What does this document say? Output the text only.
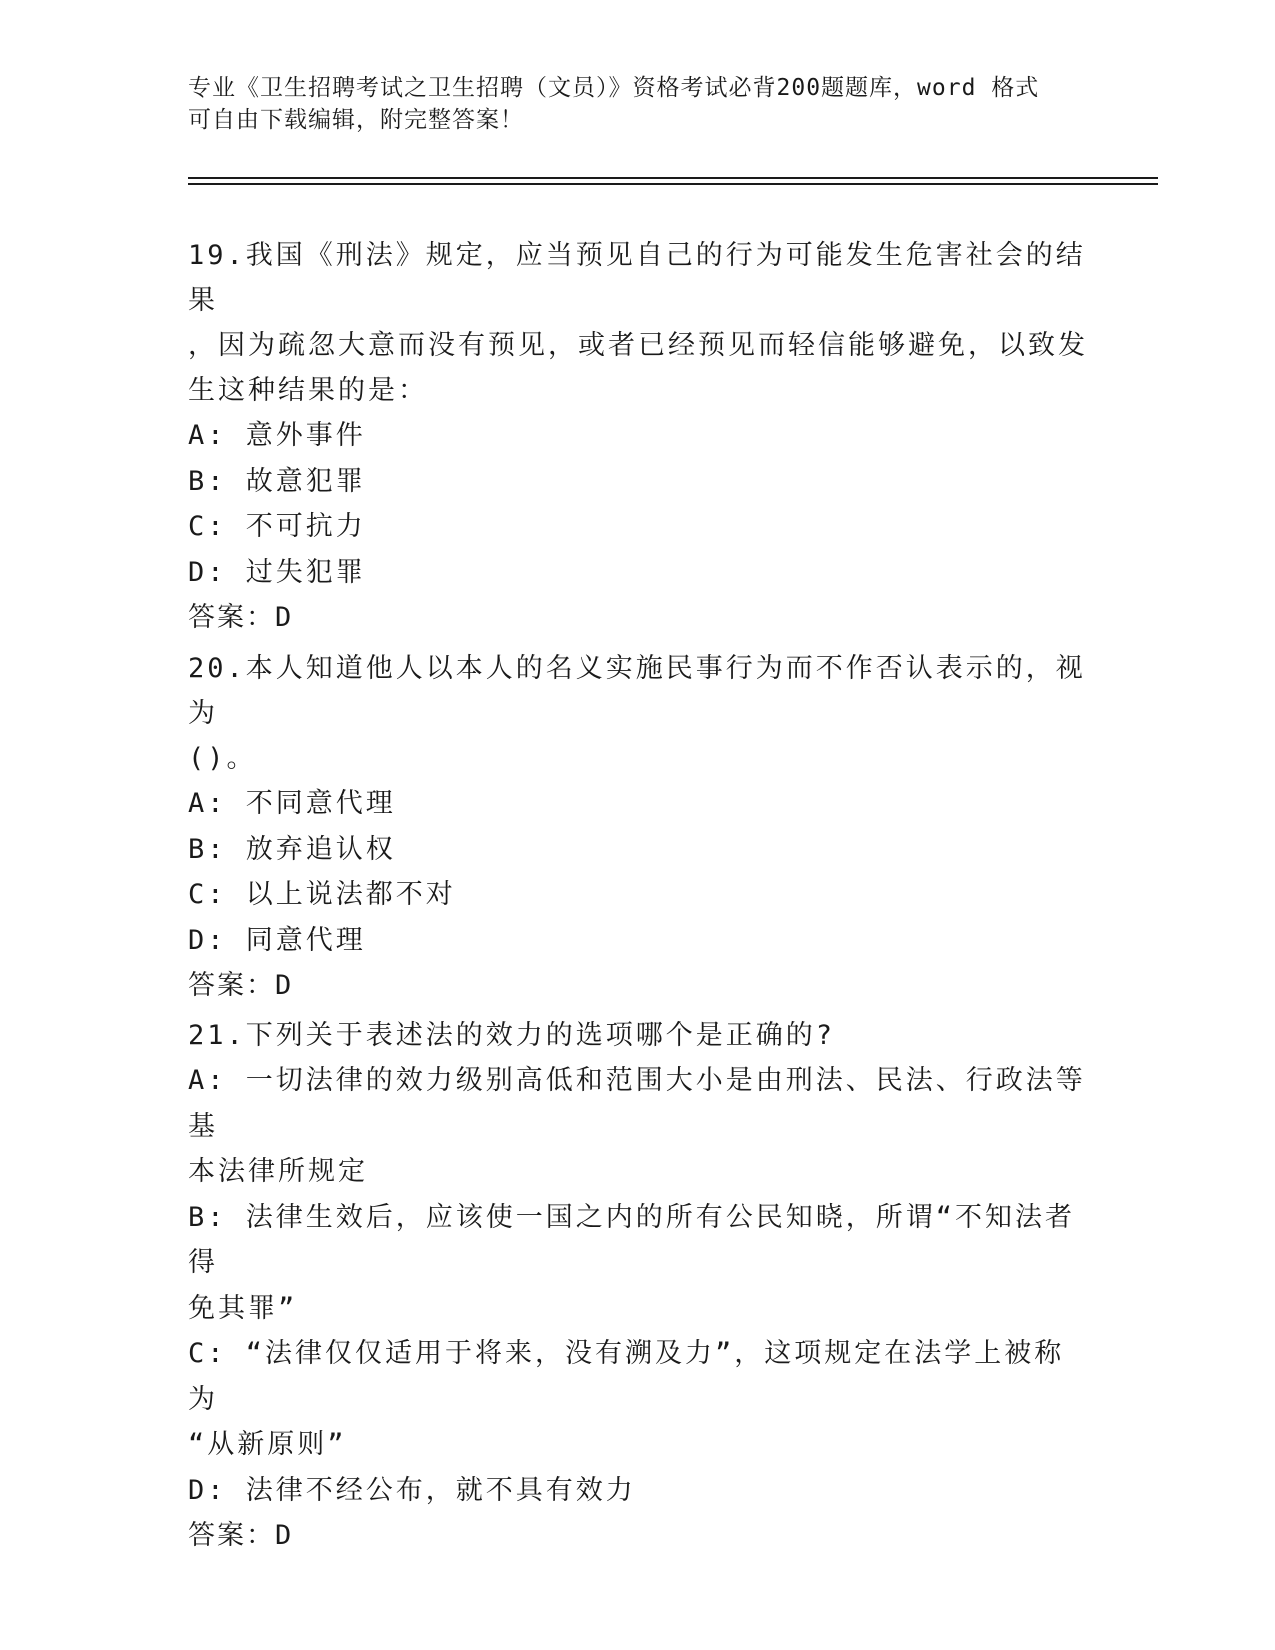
专业《卫生招聘考试之卫生招聘（文员）》资格考试必背200题题库，word 格式
可自由下载编辑，附完整答案！
19.我国《刑法》规定，应当预见自己的行为可能发生危害社会的结果
，因为疏忽大意而没有预见，或者已经预见而轻信能够避免，以致发
生这种结果的是：
A: 意外事件
B: 故意犯罪
C: 不可抗力
D: 过失犯罪
答案：D
20.本人知道他人以本人的名义实施民事行为而不作否认表示的，视为
()。
A: 不同意代理
B: 放弃追认权
C: 以上说法都不对
D: 同意代理
答案：D
21.下列关于表述法的效力的选项哪个是正确的?
A: 一切法律的效力级别高低和范围大小是由刑法、民法、行政法等基
本法律所规定
B: 法律生效后，应该使一国之内的所有公民知晓，所谓“不知法者得
免其罪”
C: “法律仅仅适用于将来，没有溯及力”，这项规定在法学上被称为
“从新原则”
D: 法律不经公布，就不具有效力
答案：D
